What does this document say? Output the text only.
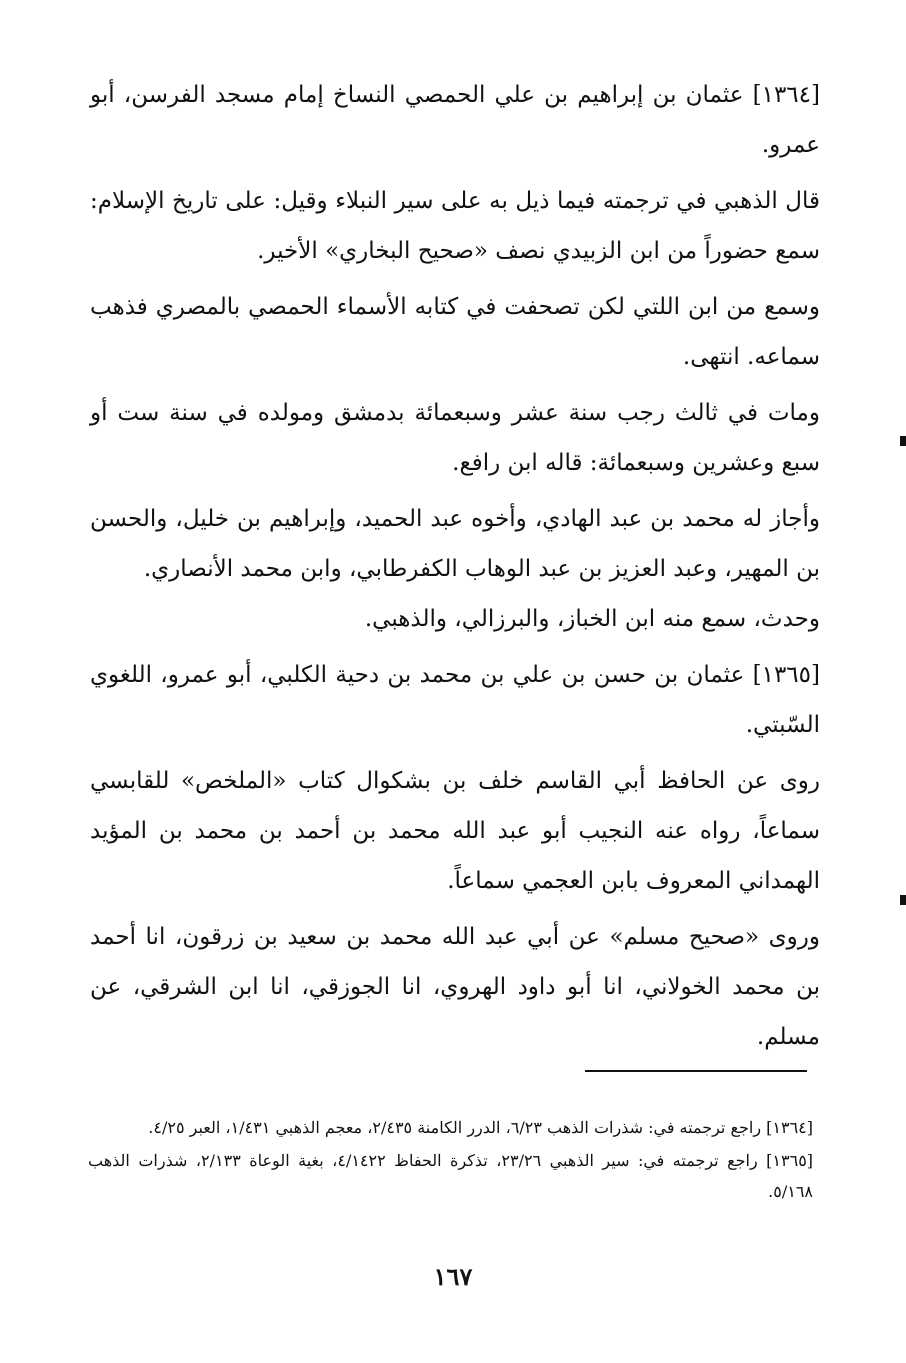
[١٣٦٤] عثمان بن إبراهيم بن علي الحمصي النساخ إمام مسجد الفرسن، أبو عمرو.

قال الذهبي في ترجمته فيما ذيل به على سير النبلاء وقيل: على تاريخ الإسلام: سمع حضوراً من ابن الزبيدي نصف «صحيح البخاري» الأخير.

وسمع من ابن اللتي لكن تصحفت في كتابه الأسماء الحمصي بالمصري فذهب سماعه. انتهى.

ومات في ثالث رجب سنة عشر وسبعمائة بدمشق ومولده في سنة ست أو سبع وعشرين وسبعمائة: قاله ابن رافع.

وأجاز له محمد بن عبد الهادي، وأخوه عبد الحميد، وإبراهيم بن خليل، والحسن بن المهير، وعبد العزيز بن عبد الوهاب الكفرطابي، وابن محمد الأنصاري.

وحدث، سمع منه ابن الخباز، والبرزالي، والذهبي.

[١٣٦٥] عثمان بن حسن بن علي بن محمد بن دحية الكلبي، أبو عمرو، اللغوي السّبتي.

روى عن الحافظ أبي القاسم خلف بن بشكوال كتاب «الملخص» للقابسي سماعاً، رواه عنه النجيب أبو عبد الله محمد بن أحمد بن محمد بن المؤيد الهمداني المعروف بابن العجمي سماعاً.

وروى «صحيح مسلم» عن أبي عبد الله محمد بن سعيد بن زرقون، انا أحمد بن محمد الخولاني، انا أبو داود الهروي، انا الجوزقي، انا ابن الشرقي، عن مسلم.

[١٣٦٤] راجع ترجمته في: شذرات الذهب ٦/٢٣، الدرر الكامنة ٢/٤٣٥، معجم الذهبي ١/٤٣١، العبر ٤/٢٥.

[١٣٦٥] راجع ترجمته في: سير الذهبي ٢٣/٢٦، تذكرة الحفاظ ٤/١٤٢٢، بغية الوعاة ٢/١٣٣، شذرات الذهب ٥/١٦٨.

١٦٧
